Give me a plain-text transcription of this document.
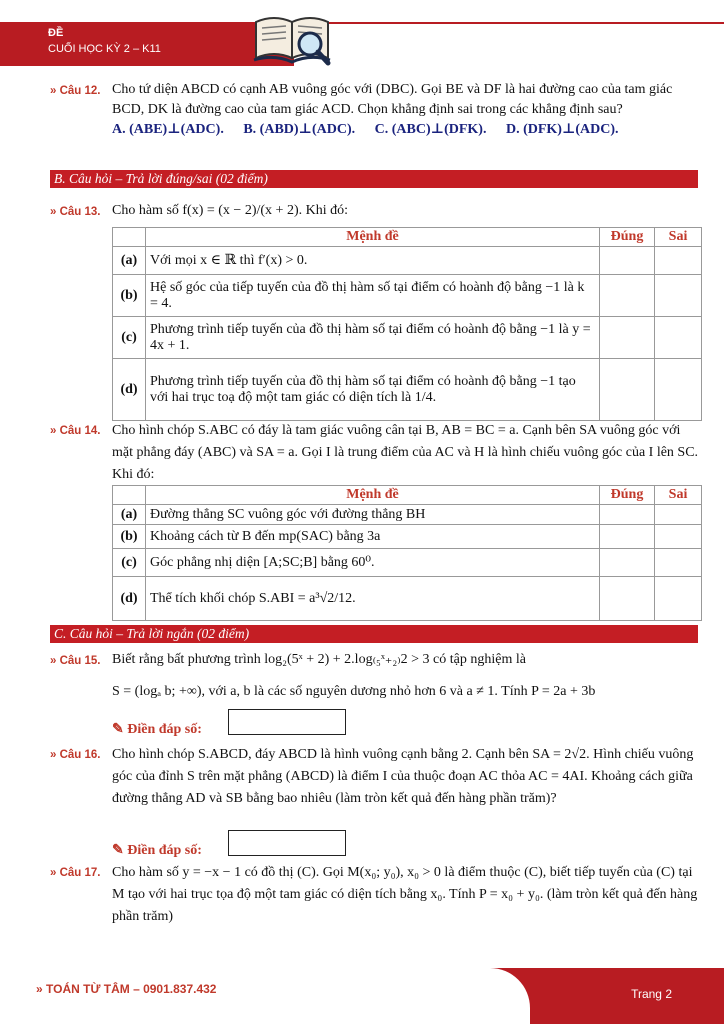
ĐỀ
CUỐI HỌC KỲ 2 – K11
» Câu 12. Cho tứ diện ABCD có cạnh AB vuông góc với (DBC). Gọi BE và DF là hai đường cao của tam giác BCD, DK là đường cao của tam giác ACD. Chọn khẳng định sai trong các khẳng định sau?
A. (ABE)⊥(ADC). B. (ABD)⊥(ADC). C. (ABC)⊥(DFK). D. (DFK)⊥(ADC).
B. Câu hỏi – Trả lời đúng/sai (02 điểm)
» Câu 13. Cho hàm số f(x) = (x − 2)/(x + 2). Khi đó:
	Mệnh đề	Đúng	Sai
(a)	Với mọi x ∈ ℝ thì f′(x) > 0.		
(b)	Hệ số góc của tiếp tuyến của đồ thị hàm số tại điểm có hoành độ bằng −1 là k = 4.		
(c)	Phương trình tiếp tuyến của đồ thị hàm số tại điểm có hoành độ bằng −1 là y = 4x + 1.		
(d)	Phương trình tiếp tuyến của đồ thị hàm số tại điểm có hoành độ bằng −1 tạo với hai trục toạ độ một tam giác có diện tích là 1/4.		
» Câu 14. Cho hình chóp S.ABC có đáy là tam giác vuông cân tại B, AB = BC = a. Cạnh bên SA vuông góc với mặt phẳng đáy (ABC) và SA = a. Gọi I là trung điểm của AC và H là hình chiếu vuông góc của I lên SC. Khi đó:
	Mệnh đề	Đúng	Sai
(a)	Đường thẳng SC vuông góc với đường thẳng BH		
(b)	Khoảng cách từ B đến mp(SAC) bằng 3a		
(c)	Góc phẳng nhị diện [A;SC;B] bằng 60⁰.		
(d)	Thể tích khối chóp S.ABI = a³√2/12.		
C. Câu hỏi – Trả lời ngắn (02 điểm)
» Câu 15. Biết rằng bất phương trình log₂(5ˣ + 2) + 2.log₍₅ˣ₊₂₎2 > 3 có tập nghiệm là
S = (logₐ b; +∞), với a, b là các số nguyên dương nhỏ hơn 6 và a ≠ 1. Tính P = 2a + 3b
✎ Điền đáp số:
» Câu 16. Cho hình chóp S.ABCD, đáy ABCD là hình vuông cạnh bằng 2. Cạnh bên SA = 2√2. Hình chiếu vuông góc của đỉnh S trên mặt phẳng (ABCD) là điểm I của thuộc đoạn AC thỏa AC = 4AI. Khoảng cách giữa đường thẳng AD và SB bằng bao nhiêu (làm tròn kết quả đến hàng phần trăm)?
✎ Điền đáp số:
» Câu 17. Cho hàm số y = −x − 1 có đồ thị (C). Gọi M(x₀; y₀), x₀ > 0 là điểm thuộc (C), biết tiếp tuyến của (C) tại M tạo với hai trục tọa độ một tam giác có diện tích bằng x₀. Tính P = x₀ + y₀. (làm tròn kết quả đến hàng phần trăm)
» TOÁN TỪ TÂM – 0901.837.432	Trang 2
